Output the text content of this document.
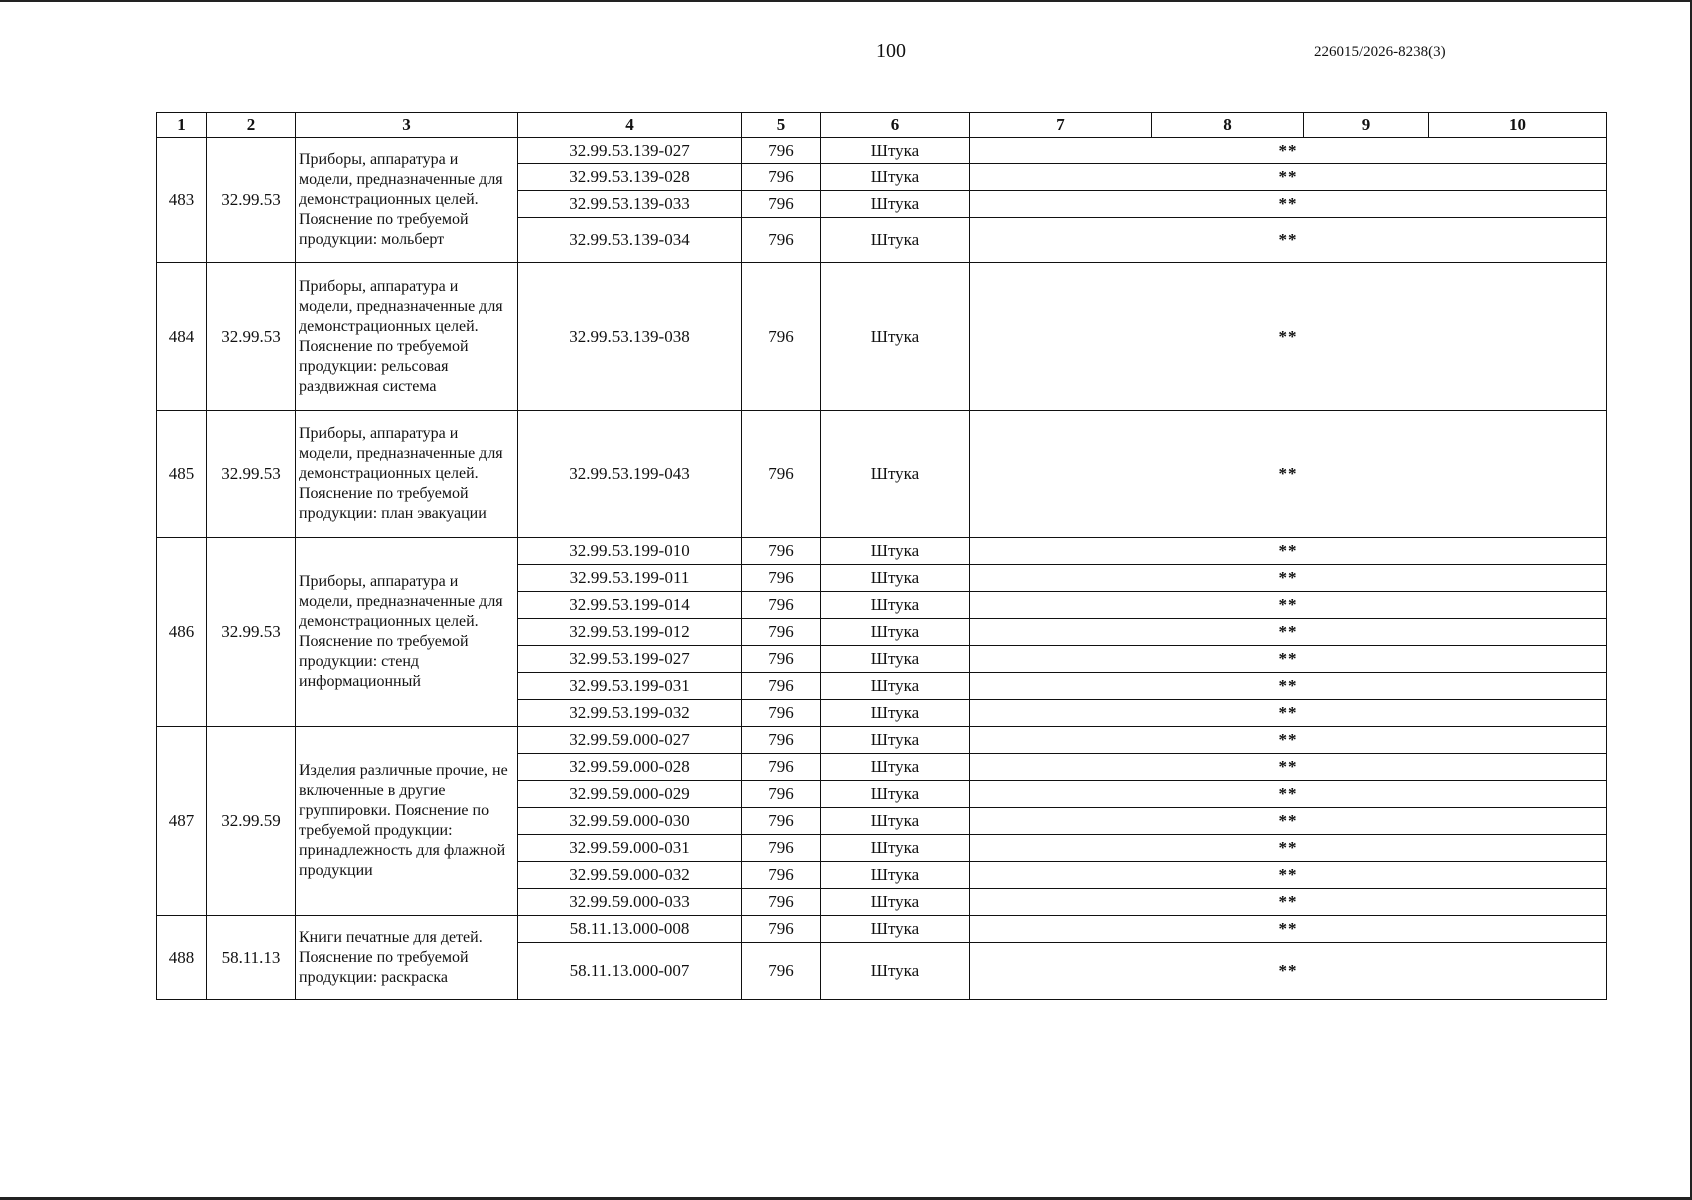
100	226015/2026-8238(3)
1	2	3	4	5	6	7	8	9	10
483	32.99.53	Приборы, аппаратура и модели, предназначенные для демонстрационных целей. Пояснение по требуемой продукции: мольберт	32.99.53.139-027	796	Штука	**			
			32.99.53.139-028	796	Штука	**			
			32.99.53.139-033	796	Штука	**			
			32.99.53.139-034	796	Штука	**			
484	32.99.53	Приборы, аппаратура и модели, предназначенные для демонстрационных целей. Пояснение по требуемой продукции: рельсовая раздвижная система	32.99.53.139-038	796	Штука	**			
485	32.99.53	Приборы, аппаратура и модели, предназначенные для демонстрационных целей. Пояснение по требуемой продукции: план эвакуации	32.99.53.199-043	796	Штука	**			
486	32.99.53	Приборы, аппаратура и модели, предназначенные для демонстрационных целей. Пояснение по требуемой продукции: стенд информационный	32.99.53.199-010	796	Штука	**			
			32.99.53.199-011	796	Штука	**			
			32.99.53.199-014	796	Штука	**			
			32.99.53.199-012	796	Штука	**			
			32.99.53.199-027	796	Штука	**			
			32.99.53.199-031	796	Штука	**			
			32.99.53.199-032	796	Штука	**			
487	32.99.59	Изделия различные прочие, не включенные в другие группировки. Пояснение по требуемой продукции: принадлежность для флажной продукции	32.99.59.000-027	796	Штука	**			
			32.99.59.000-028	796	Штука	**			
			32.99.59.000-029	796	Штука	**			
			32.99.59.000-030	796	Штука	**			
			32.99.59.000-031	796	Штука	**			
			32.99.59.000-032	796	Штука	**			
			32.99.59.000-033	796	Штука	**			
488	58.11.13	Книги печатные для детей. Пояснение по требуемой продукции: раскраска	58.11.13.000-008	796	Штука	**			
			58.11.13.000-007	796	Штука	**			
